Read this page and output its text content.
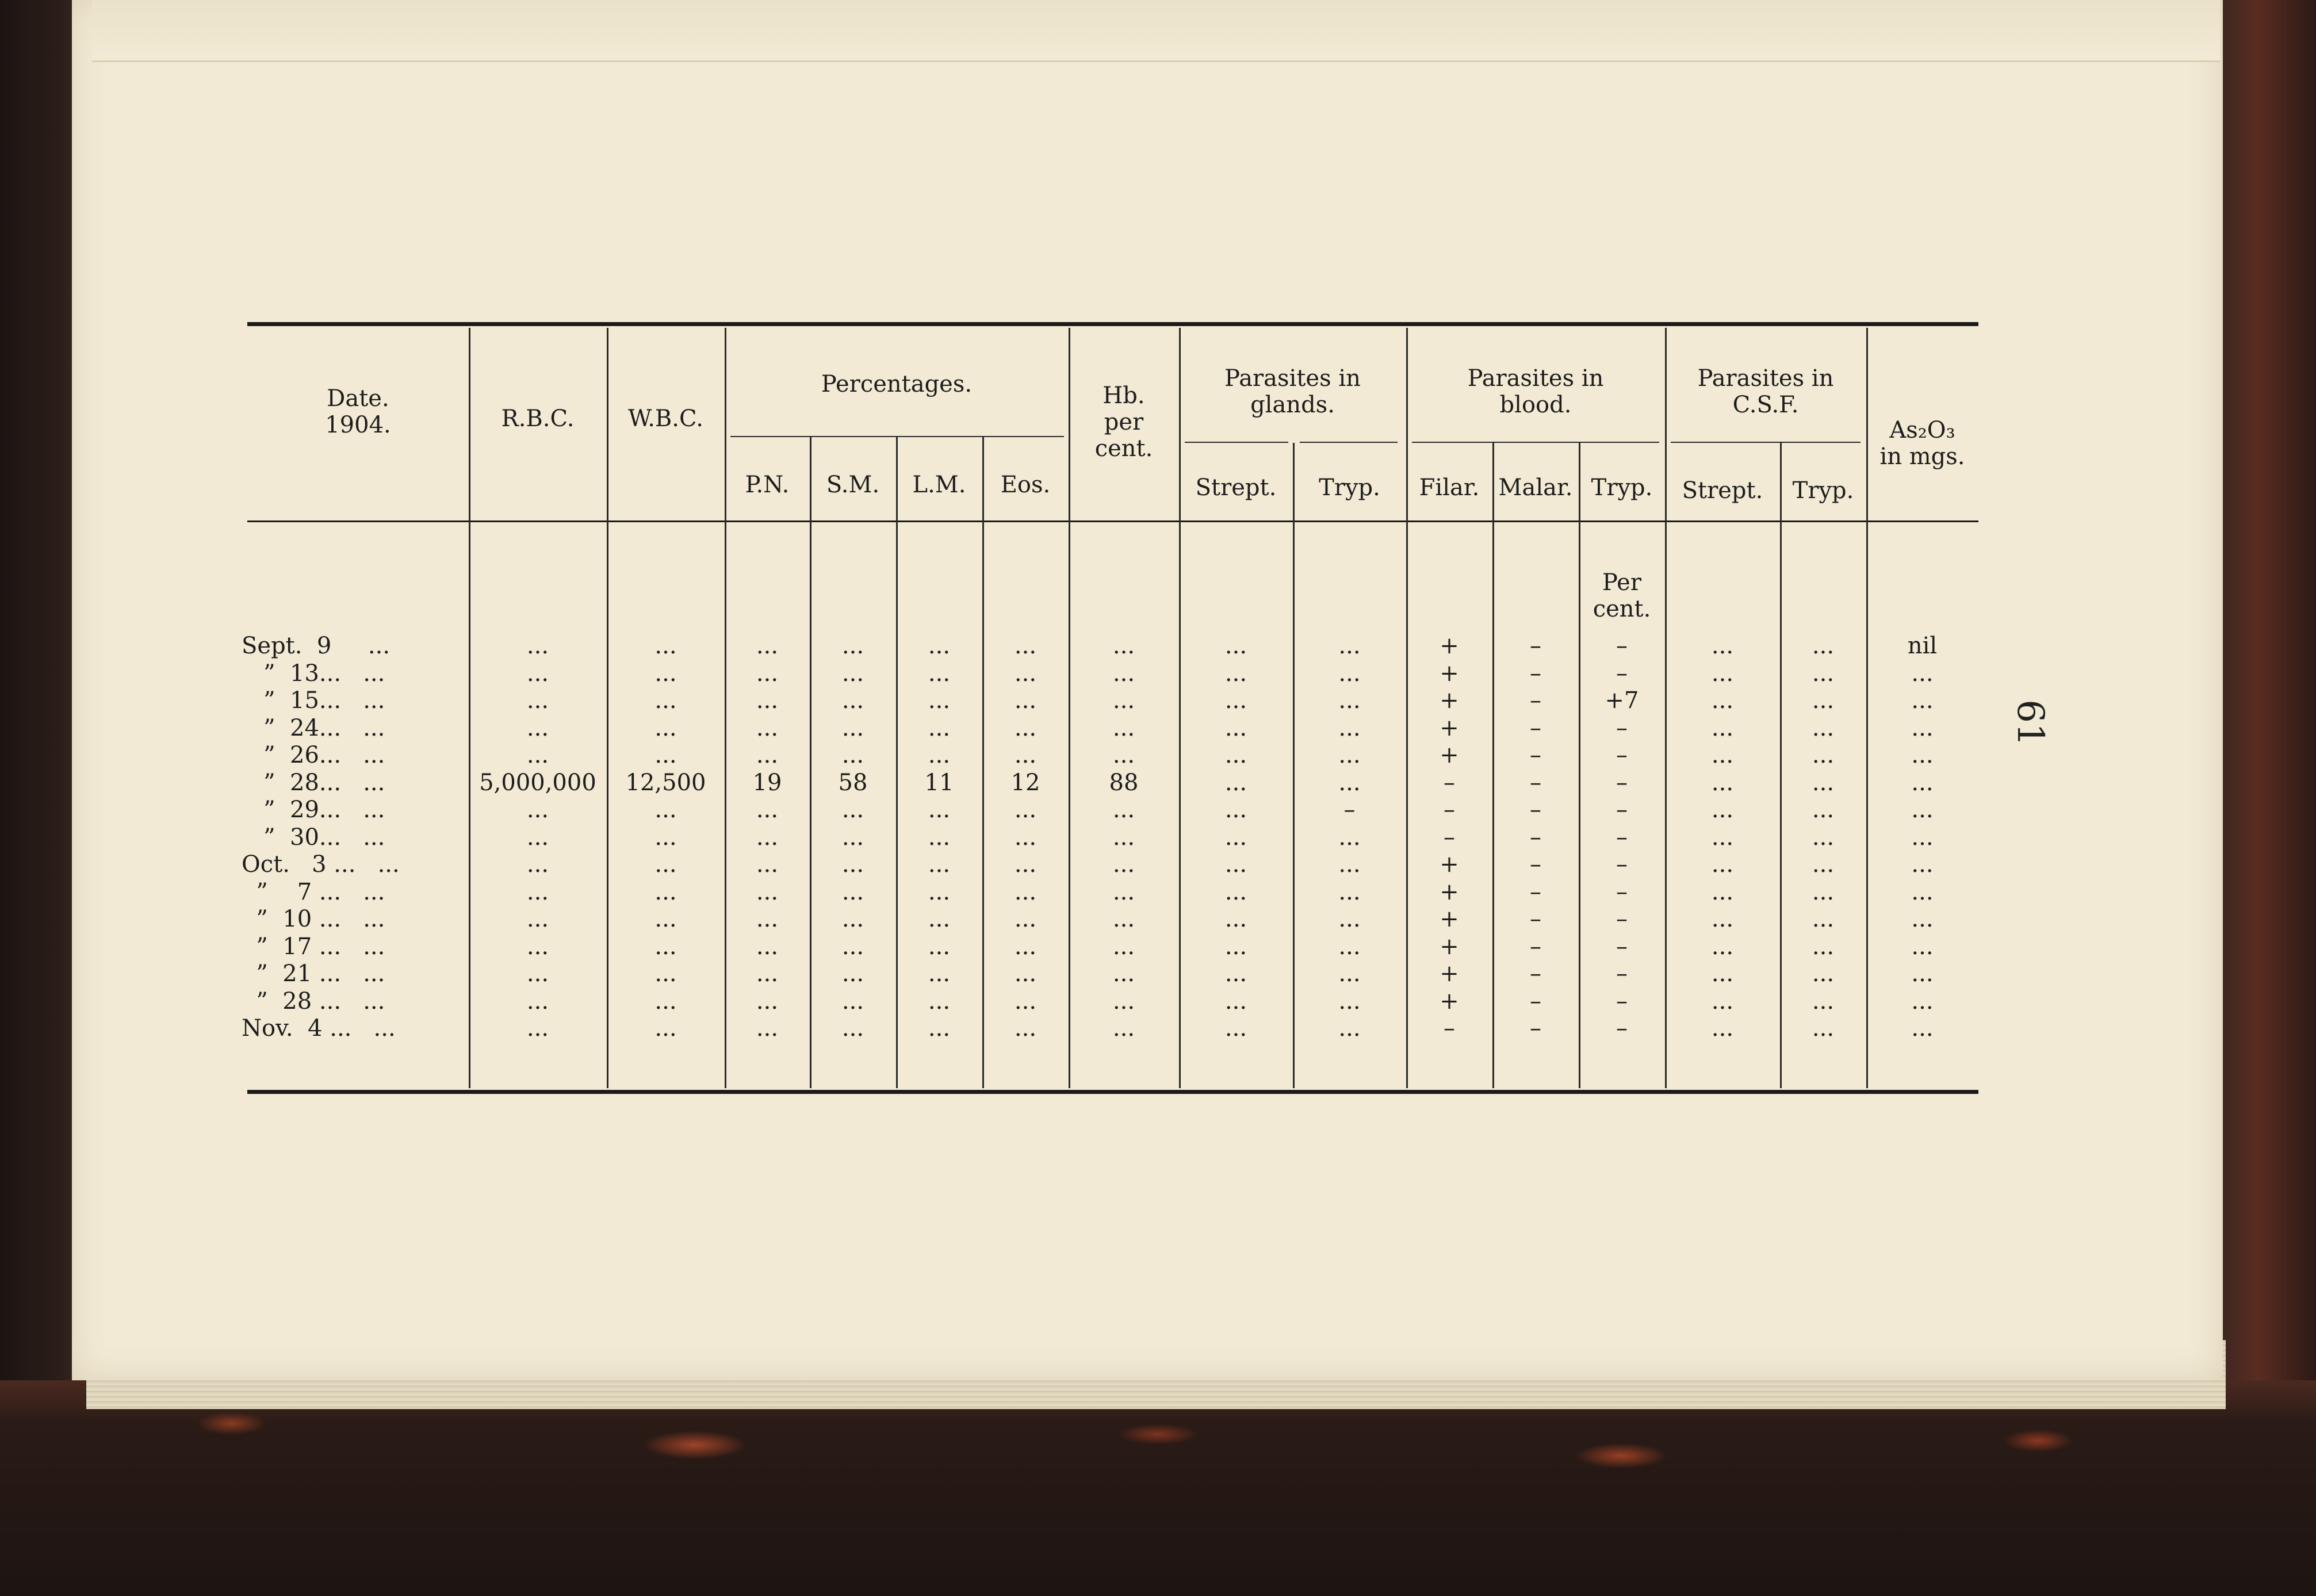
61
Date.
1904.	R.B.C.	W.B.C.
Percentages.
P.N.	S.M.	L.M.	Eos.
Hb.
per
cent.
Parasites in
glands.
Strept.	Tryp.
Parasites in
blood.
Filar. Malar. Tryp.
Parasites in
C.S.F.
Strept.	Tryp.
As₂O₃
in mgs.
Per
cent.
Sept.  9     ...	...	...	...	...	...	...	...	...	...	+	–	–	...	...	nil
”  13...   ...	...	...	...	...	...	...	...	...	...	+	–	–	...	...	...
”  15...   ...	...	...	...	...	...	...	...	...	...	+	–	+7	...	...	...
”  24...   ...	...	...	...	...	...	...	...	...	...	+	–	–	...	...	...
”  26...   ...	...	...	...	...	...	...	...	...	...	+	–	–	...	...	...
”  28...   ...	5,000,000	12,500	19	58	11	12	88	...	...	–	–	–	...	...	...
”  29...   ...	...	...	...	...	...	...	...	...	–	–	–	–	...	...	...
”  30...   ...	...	...	...	...	...	...	...	...	...	–	–	–	...	...	...
Oct.   3 ...   ...	...	...	...	...	...	...	...	...	...	+	–	–	...	...	...
”    7 ...   ...	...	...	...	...	...	...	...	...	...	+	–	–	...	...	...
”  10 ...   ...	...	...	...	...	...	...	...	...	...	+	–	–	...	...	...
”  17 ...   ...	...	...	...	...	...	...	...	...	...	+	–	–	...	...	...
”  21 ...   ...	...	...	...	...	...	...	...	...	...	+	–	–	...	...	...
”  28 ...   ...	...	...	...	...	...	...	...	...	...	+	–	–	...	...	...
Nov.  4 ...   ...	...	...	...	...	...	...	...	...	...	–	–	–	...	...	...
